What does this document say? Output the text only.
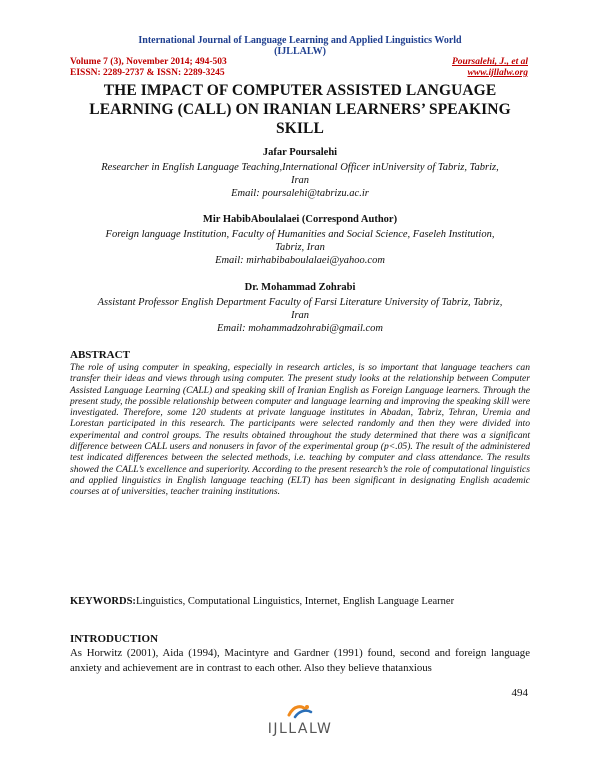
International Journal of Language Learning and Applied Linguistics World
(IJLLALW)
Volume 7 (3), November 2014; 494-503
EISSN: 2289-2737 & ISSN: 2289-3245
Poursalehi, J., et al
www.ijllalw.org
THE IMPACT OF COMPUTER ASSISTED LANGUAGE
LEARNING (CALL) ON IRANIAN LEARNERS’ SPEAKING
SKILL
Jafar Poursalehi
Researcher in English Language Teaching,International Officer inUniversity of Tabriz, Tabriz,
Iran
Email: poursalehi@tabrizu.ac.ir
Mir HabibAboulalaei (Correspond Author)
Foreign language Institution, Faculty of Humanities and Social Science, Faseleh Institution,
Tabriz, Iran
Email: mirhabibaboulalaei@yahoo.com
Dr. Mohammad Zohrabi
Assistant Professor English Department Faculty of Farsi Literature University of Tabriz, Tabriz,
Iran
Email: mohammadzohrabi@gmail.com
ABSTRACT
The role of using computer in speaking, especially in research articles, is so important that language teachers can transfer their ideas and views through using computer. The present study looks at the relationship between Computer Assisted Language Learning (CALL) and speaking skill of Iranian English as Foreign Language learners. Through the present study, the possible relationship between computer and language learning and improving the speaking skill were investigated. Therefore, some 120 students at private language institutes in Abadan, Tabriz, Tehran, Uremia and Lorestan participated in this research. The participants were selected randomly and then they were divided into experimental and control groups. The results obtained throughout the study determined that there was a significant difference between CALL users and nonusers in favor of the experimental group (p<.05). The result of the administered test indicated differences between the selected methods, i.e. teaching by computer and class attendance. The results showed the CALL’s excellence and superiority. According to the present research’s the role of computational linguistics and applied linguistics in English language teaching (ELT) has been significant in designating English academic courses at of universities, teacher training institutions.
KEYWORDS:Linguistics, Computational Linguistics, Internet, English Language Learner
INTRODUCTION
As Horwitz (2001), Aida (1994), Macintyre and Gardner (1991) found, second and foreign language anxiety and achievement are in contrast to each other. Also they believe thatanxious
494
IJLLALW
